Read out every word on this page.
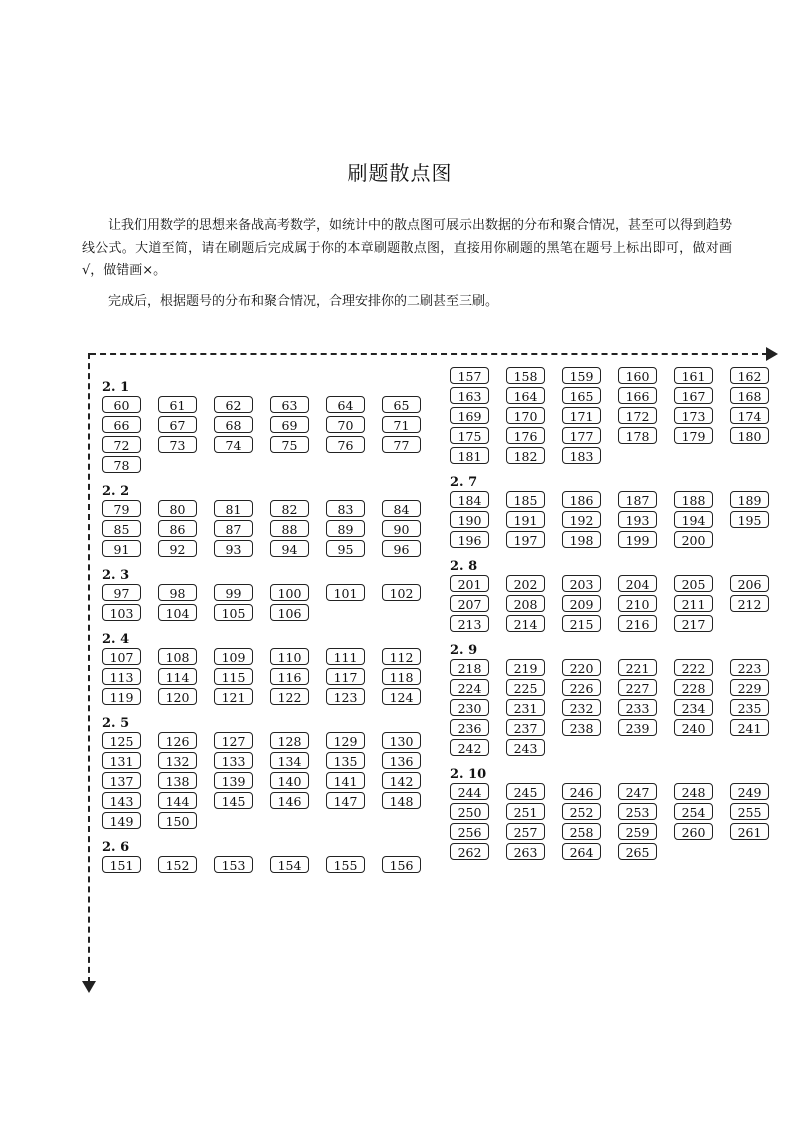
刷题散点图

让我们用数学的思想来备战高考数学，如统计中的散点图可展示出数据的分布和聚合情况，甚至可以得到趋势线公式。大道至简，请在刷题后完成属于你的本章刷题散点图，直接用你刷题的黑笔在题号上标出即可，做对画√，做错画×。

完成后，根据题号的分布和聚合情况，合理安排你的二刷甚至三刷。

2. 1
60	61	62	63	64	65
66	67	68	69	70	71
72	73	74	75	76	77
78
2. 2
79	80	81	82	83	84
85	86	87	88	89	90
91	92	93	94	95	96
2. 3
97	98	99	100	101	102
103	104	105	106
2. 4
107	108	109	110	111	112
113	114	115	116	117	118
119	120	121	122	123	124
2. 5
125	126	127	128	129	130
131	132	133	134	135	136
137	138	139	140	141	142
143	144	145	146	147	148
149	150
2. 6
151	152	153	154	155	156
157	158	159	160	161	162
163	164	165	166	167	168
169	170	171	172	173	174
175	176	177	178	179	180
181	182	183
2. 7
184	185	186	187	188	189
190	191	192	193	194	195
196	197	198	199	200
2. 8
201	202	203	204	205	206
207	208	209	210	211	212
213	214	215	216	217
2. 9
218	219	220	221	222	223
224	225	226	227	228	229
230	231	232	233	234	235
236	237	238	239	240	241
242	243
2. 10
244	245	246	247	248	249
250	251	252	253	254	255
256	257	258	259	260	261
262	263	264	265
